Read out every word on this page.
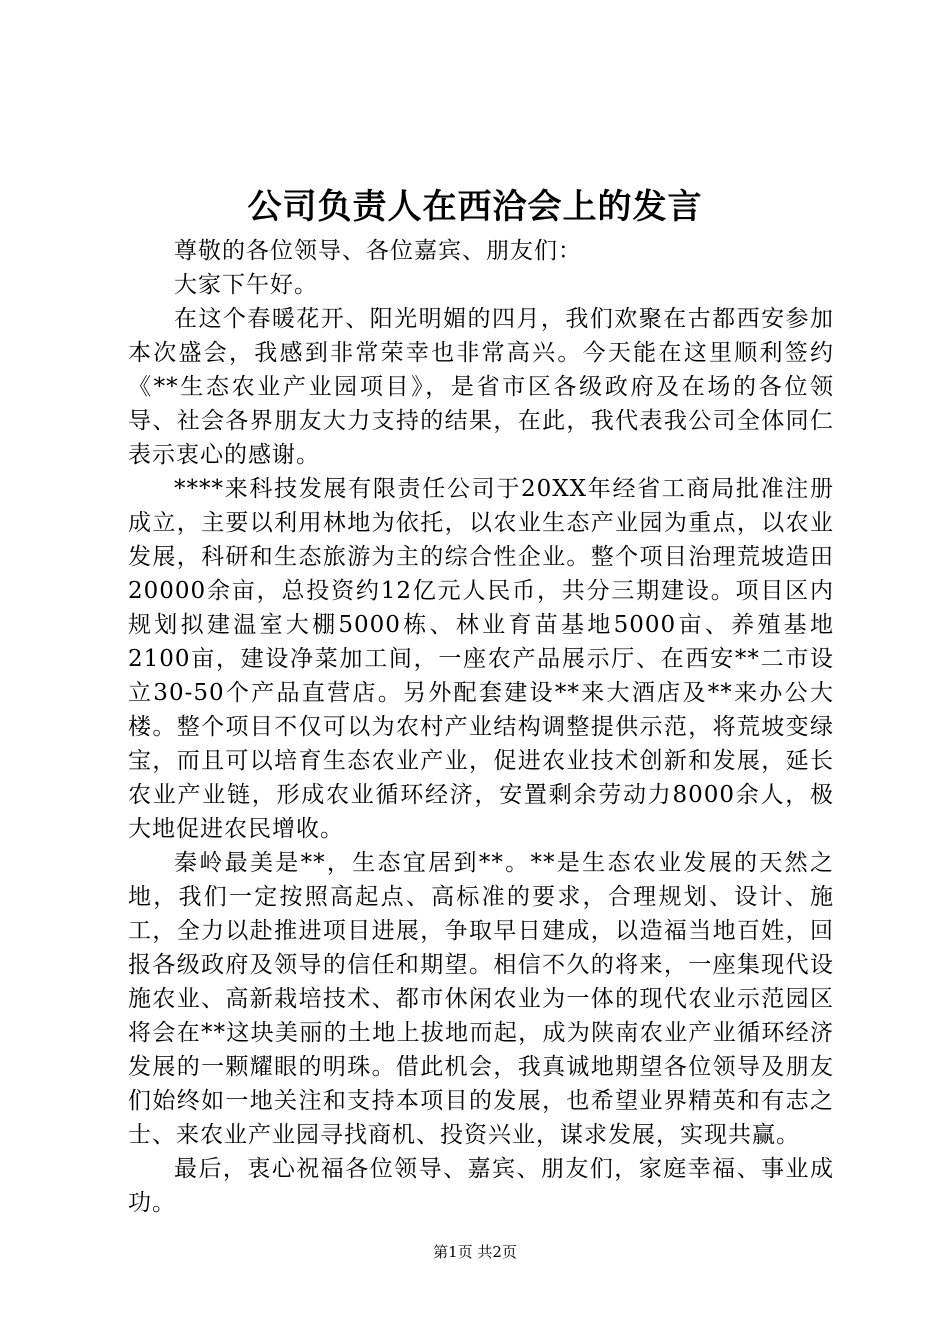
公司负责人在西洽会上的发言

尊敬的各位领导、各位嘉宾、朋友们：

大家下午好。

在这个春暖花开、阳光明媚的四月，我们欢聚在古都西安参加本次盛会，我感到非常荣幸也非常高兴。今天能在这里顺利签约《**生态农业产业园项目》，是省市区各级政府及在场的各位领导、社会各界朋友大力支持的结果，在此，我代表我公司全体同仁表示衷心的感谢。

****来科技发展有限责任公司于20XX年经省工商局批准注册成立，主要以利用林地为依托，以农业生态产业园为重点，以农业发展，科研和生态旅游为主的综合性企业。整个项目治理荒坡造田20000余亩，总投资约12亿元人民币，共分三期建设。项目区内规划拟建温室大棚5000栋、林业育苗基地5000亩、养殖基地2100亩，建设净菜加工间，一座农产品展示厅、在西安**二市设立30-50个产品直营店。另外配套建设**来大酒店及**来办公大楼。整个项目不仅可以为农村产业结构调整提供示范，将荒坡变绿宝，而且可以培育生态农业产业，促进农业技术创新和发展，延长农业产业链，形成农业循环经济，安置剩余劳动力8000余人，极大地促进农民增收。

秦岭最美是**，生态宜居到**。**是生态农业发展的天然之地，我们一定按照高起点、高标准的要求，合理规划、设计、施工，全力以赴推进项目进展，争取早日建成，以造福当地百姓，回报各级政府及领导的信任和期望。相信不久的将来，一座集现代设施农业、高新栽培技术、都市休闲农业为一体的现代农业示范园区将会在**这块美丽的土地上拔地而起，成为陕南农业产业循环经济发展的一颗耀眼的明珠。借此机会，我真诚地期望各位领导及朋友们始终如一地关注和支持本项目的发展，也希望业界精英和有志之士、来农业产业园寻找商机、投资兴业，谋求发展，实现共赢。

最后，衷心祝福各位领导、嘉宾、朋友们，家庭幸福、事业成功。

第1页 共2页
